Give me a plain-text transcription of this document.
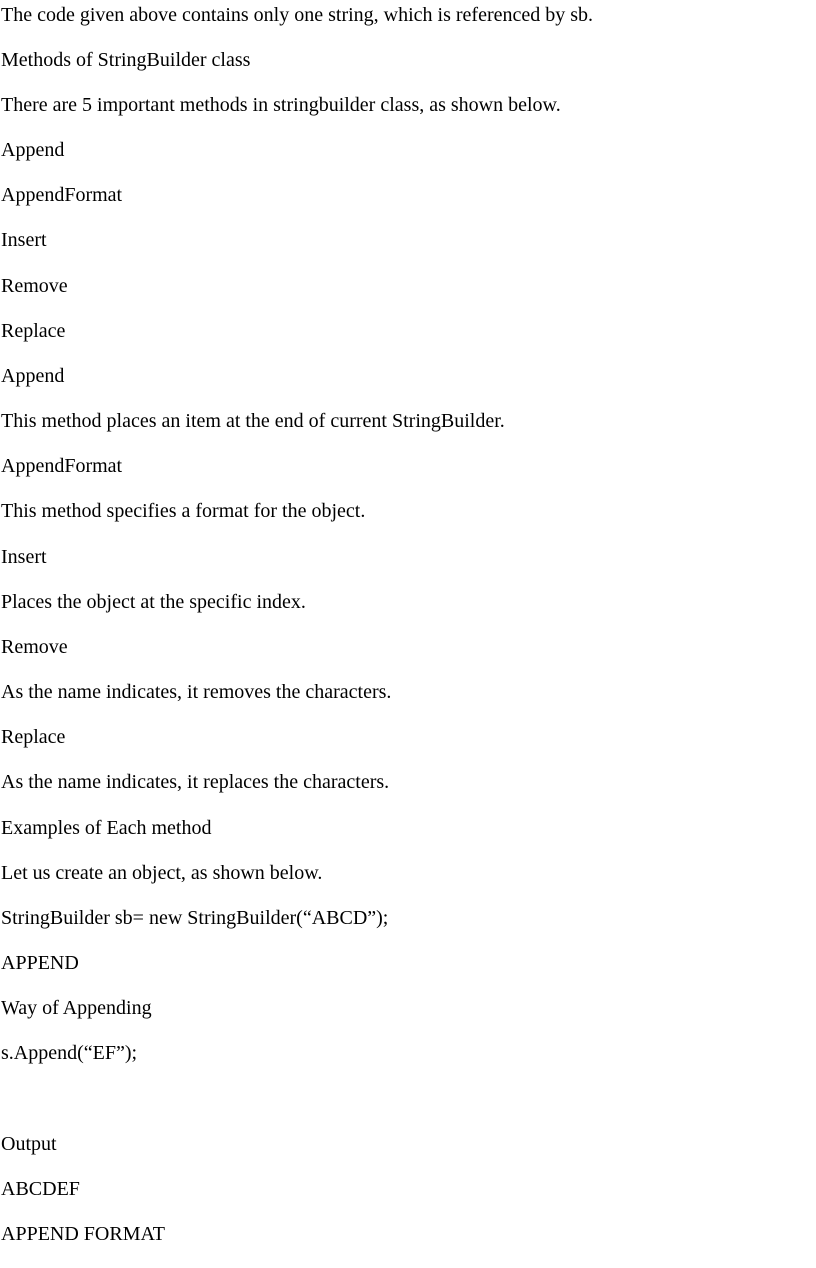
The code given above contains only one string, which is referenced by sb.

Methods of StringBuilder class

There are 5 important methods in stringbuilder class, as shown below.

Append

AppendFormat

Insert

Remove

Replace

Append

This method places an item at the end of current StringBuilder.

AppendFormat

This method specifies a format for the object.

Insert

Places the object at the specific index.

Remove

As the name indicates, it removes the characters.

Replace

As the name indicates, it replaces the characters.

Examples of Each method

Let us create an object, as shown below.

StringBuilder sb= new StringBuilder(“ABCD”);

APPEND

Way of Appending

s.Append(“EF”);

Output

ABCDEF

APPEND FORMAT
